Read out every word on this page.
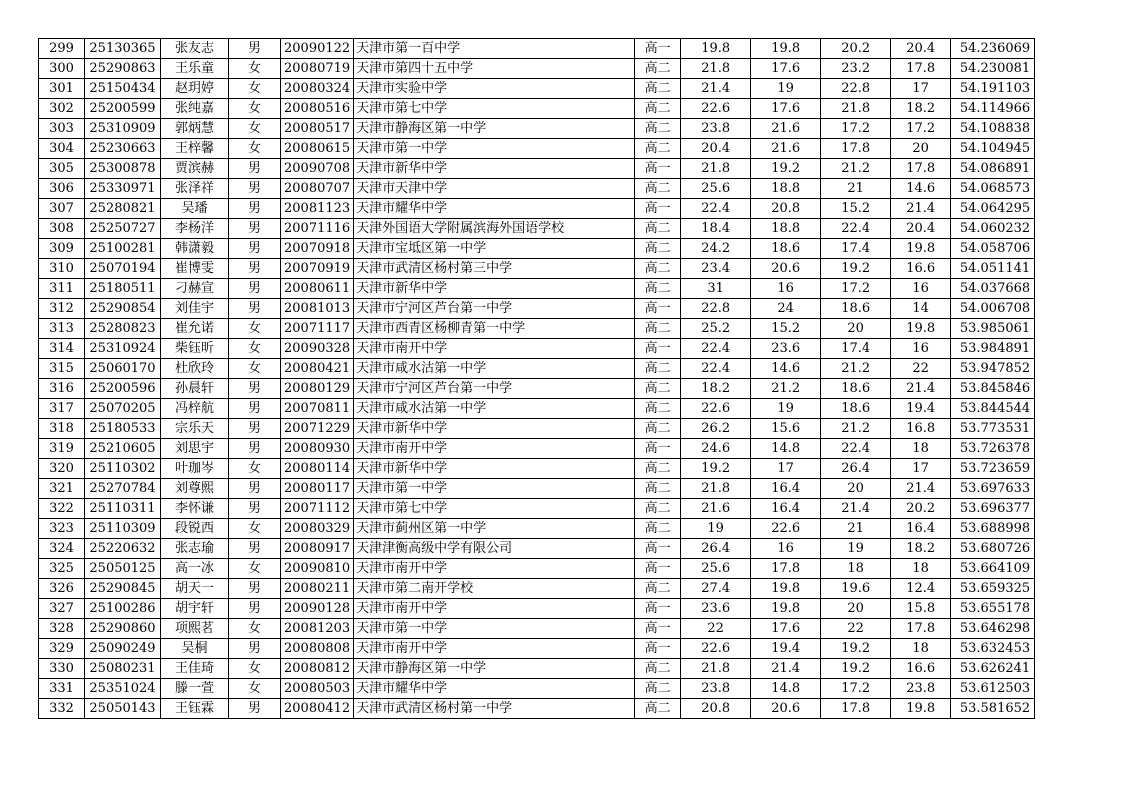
299	25130365	张友志	男	20090122	天津市第一百中学	高一	19.8	19.8	20.2	20.4	54.236069
300	25290863	王乐童	女	20080719	天津市第四十五中学	高二	21.8	17.6	23.2	17.8	54.230081
301	25150434	赵玥婷	女	20080324	天津市实验中学	高二	21.4	19	22.8	17	54.191103
302	25200599	张纯嘉	女	20080516	天津市第七中学	高二	22.6	17.6	21.8	18.2	54.114966
303	25310909	郭炳慧	女	20080517	天津市静海区第一中学	高二	23.8	21.6	17.2	17.2	54.108838
304	25230663	王梓馨	女	20080615	天津市第一中学	高二	20.4	21.6	17.8	20	54.104945
305	25300878	贾滨赫	男	20090708	天津市新华中学	高一	21.8	19.2	21.2	17.8	54.086891
306	25330971	张泽祥	男	20080707	天津市天津中学	高二	25.6	18.8	21	14.6	54.068573
307	25280821	吴璠	男	20081123	天津市耀华中学	高一	22.4	20.8	15.2	21.4	54.064295
308	25250727	李杨洋	男	20071116	天津外国语大学附属滨海外国语学校	高二	18.4	18.8	22.4	20.4	54.060232
309	25100281	韩潇毅	男	20070918	天津市宝坻区第一中学	高二	24.2	18.6	17.4	19.8	54.058706
310	25070194	崔博雯	男	20070919	天津市武清区杨村第三中学	高二	23.4	20.6	19.2	16.6	54.051141
311	25180511	刁赫宣	男	20080611	天津市新华中学	高二	31	16	17.2	16	54.037668
312	25290854	刘佳宇	男	20081013	天津市宁河区芦台第一中学	高一	22.8	24	18.6	14	54.006708
313	25280823	崔允诺	女	20071117	天津市西青区杨柳青第一中学	高二	25.2	15.2	20	19.8	53.985061
314	25310924	柴钰昕	女	20090328	天津市南开中学	高一	22.4	23.6	17.4	16	53.984891
315	25060170	杜欣玲	女	20080421	天津市咸水沽第一中学	高二	22.4	14.6	21.2	22	53.947852
316	25200596	孙晨轩	男	20080129	天津市宁河区芦台第一中学	高二	18.2	21.2	18.6	21.4	53.845846
317	25070205	冯梓航	男	20070811	天津市咸水沽第一中学	高二	22.6	19	18.6	19.4	53.844544
318	25180533	宗乐天	男	20071229	天津市新华中学	高二	26.2	15.6	21.2	16.8	53.773531
319	25210605	刘思宇	男	20080930	天津市南开中学	高一	24.6	14.8	22.4	18	53.726378
320	25110302	叶珈岑	女	20080114	天津市新华中学	高二	19.2	17	26.4	17	53.723659
321	25270784	刘尊熙	男	20080117	天津市第一中学	高二	21.8	16.4	20	21.4	53.697633
322	25110311	李怀谦	男	20071112	天津市第七中学	高二	21.6	16.4	21.4	20.2	53.696377
323	25110309	段锐西	女	20080329	天津市蓟州区第一中学	高二	19	22.6	21	16.4	53.688998
324	25220632	张志瑜	男	20080917	天津津衡高级中学有限公司	高一	26.4	16	19	18.2	53.680726
325	25050125	高一冰	女	20090810	天津市南开中学	高一	25.6	17.8	18	18	53.664109
326	25290845	胡天一	男	20080211	天津市第二南开学校	高二	27.4	19.8	19.6	12.4	53.659325
327	25100286	胡宇轩	男	20090128	天津市南开中学	高一	23.6	19.8	20	15.8	53.655178
328	25290860	项熙茗	女	20081203	天津市第一中学	高一	22	17.6	22	17.8	53.646298
329	25090249	吴桐	男	20080808	天津市南开中学	高一	22.6	19.4	19.2	18	53.632453
330	25080231	王佳琦	女	20080812	天津市静海区第一中学	高二	21.8	21.4	19.2	16.6	53.626241
331	25351024	滕一萱	女	20080503	天津市耀华中学	高二	23.8	14.8	17.2	23.8	53.612503
332	25050143	王钰霖	男	20080412	天津市武清区杨村第一中学	高二	20.8	20.6	17.8	19.8	53.581652
